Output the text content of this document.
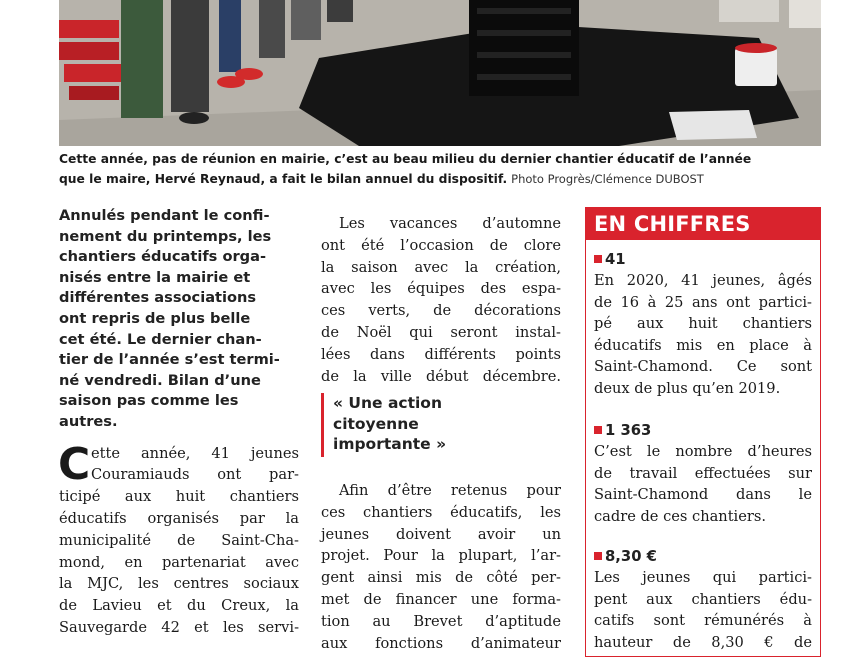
Cette année, pas de réunion en mairie, c’est au beau milieu du dernier chantier éducatif de l’année
que le maire, Hervé Reynaud, a fait le bilan annuel du dispositif. Photo Progrès/Clémence DUBOST

Annulés pendant le confi-
nement du printemps, les
chantiers éducatifs orga-
nisés entre la mairie et
différentes associations
ont repris de plus belle
cet été. Le dernier chan-
tier de l’année s’est termi-
né vendredi. Bilan d’une
saison pas comme les
autres.

C ette année, 41 jeunes
Couramiauds ont par-
ticipé aux huit chantiers
éducatifs organisés par la
municipalité de Saint-Cha-
mond, en partenariat avec
la MJC, les centres sociaux
de Lavieu et du Creux, la
Sauvegarde 42 et les servi-

Les vacances d’automne
ont été l’occasion de clore
la saison avec la création,
avec les équipes des espa-
ces verts, de décorations
de Noël qui seront instal-
lées dans différents points
de la ville début décembre.

« Une action
citoyenne
importante »

Afin d’être retenus pour
ces chantiers éducatifs, les
jeunes doivent avoir un
projet. Pour la plupart, l’ar-
gent ainsi mis de côté per-
met de financer une forma-
tion au Brevet d’aptitude
aux fonctions d’animateur

EN CHIFFRES
41

En 2020, 41 jeunes, âgés
de 16 à 25 ans ont partici-
pé aux huit chantiers
éducatifs mis en place à
Saint-Chamond. Ce sont
deux de plus qu’en 2019.

1 363

C’est le nombre d’heures
de travail effectuées sur
Saint-Chamond dans le
cadre de ces chantiers.

8,30 €

Les jeunes qui partici-
pent aux chantiers édu-
catifs sont rémunérés à
hauteur de 8,30 € de
